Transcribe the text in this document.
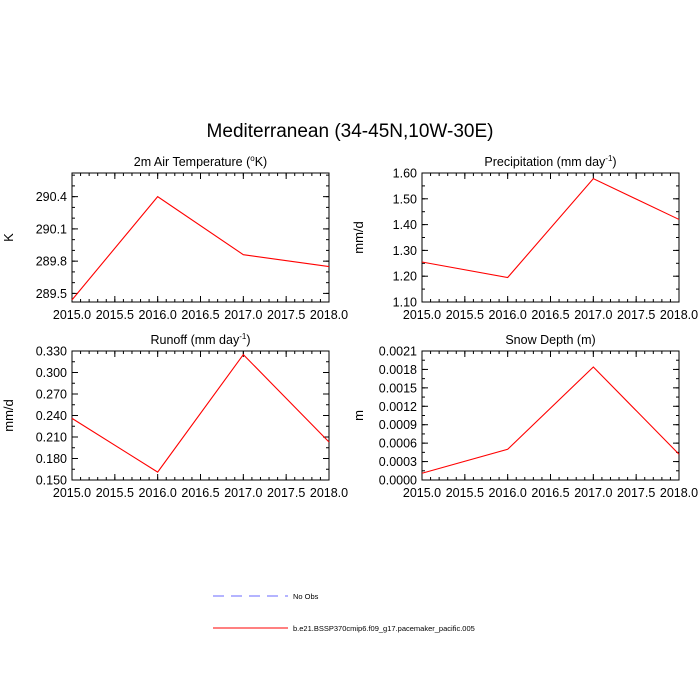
Mediterranean (34-45N,10W-30E)
2m Air Temperature ($^o$K)
K
2015.0 2015.5 2016.0 2016.5 2017.0 2017.5 2018.0
289.5
289.8
290.1
290.4
Precipitation (mm day$^{-1}$)
mm/d
2015.0 2015.5 2016.0 2016.5 2017.0 2017.5 2018.0
1.10
1.20
1.30
1.40
1.50
1.60
Runoff (mm day$^{-1}$)
mm/d
2015.0 2015.5 2016.0 2016.5 2017.0 2017.5 2018.0
0.150
0.180
0.210
0.240
0.270
0.300
0.330
Snow Depth (m)
m
2015.0 2015.5 2016.0 2016.5 2017.0 2017.5 2018.0
0.0000
0.0003
0.0006
0.0009
0.0012
0.0015
0.0018
0.0021
No Obs
b.e21.BSSP370cmip6.f09_g17.pacemaker_pacific.005
